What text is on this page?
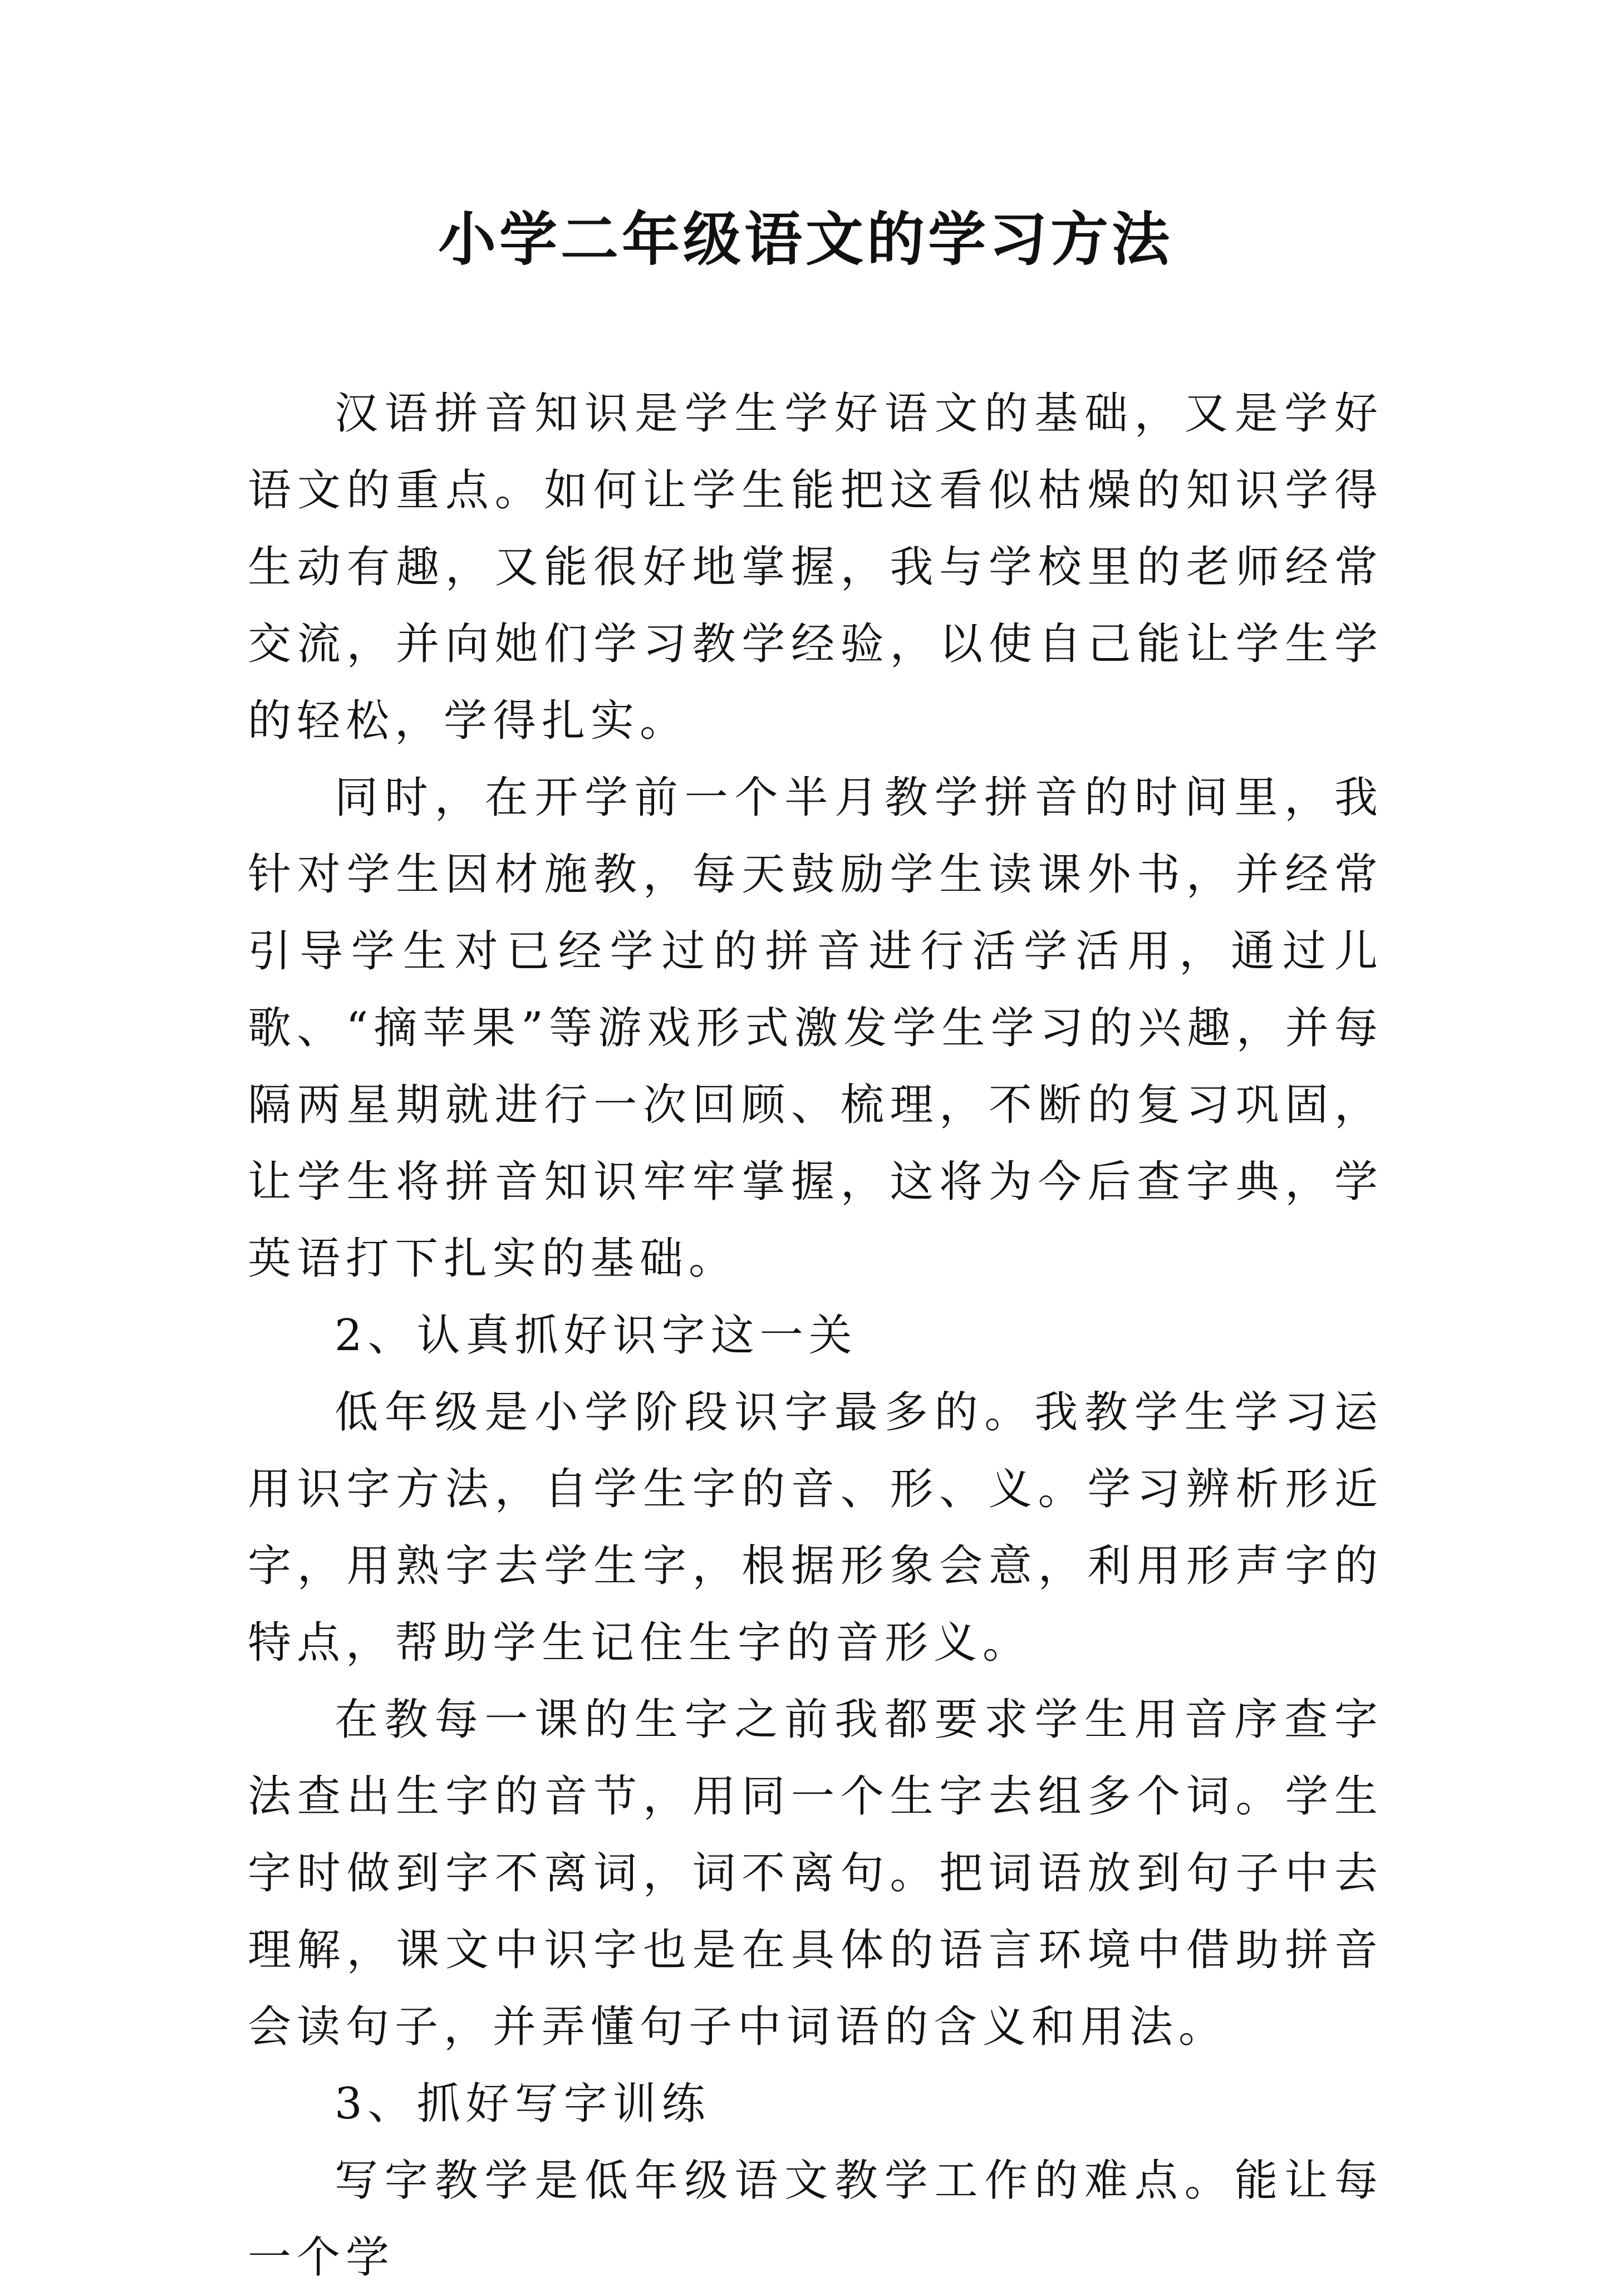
小学二年级语文的学习方法

汉语拼音知识是学生学好语文的基础，又是学好语文的重点。如何让学生能把这看似枯燥的知识学得生动有趣，又能很好地掌握，我与学校里的老师经常交流，并向她们学习教学经验，以使自己能让学生学的轻松，学得扎实。

同时，在开学前一个半月教学拼音的时间里，我针对学生因材施教，每天鼓励学生读课外书，并经常引导学生对已经学过的拼音进行活学活用，通过儿歌、“摘苹果”等游戏形式激发学生学习的兴趣，并每隔两星期就进行一次回顾、梳理，不断的复习巩固，让学生将拼音知识牢牢掌握，这将为今后查字典，学英语打下扎实的基础。

2、认真抓好识字这一关

低年级是小学阶段识字最多的。我教学生学习运用识字方法，自学生字的音、形、义。学习辨析形近字，用熟字去学生字，根据形象会意，利用形声字的特点，帮助学生记住生字的音形义。

在教每一课的生字之前我都要求学生用音序查字法查出生字的音节，用同一个生字去组多个词。学生字时做到字不离词，词不离句。把词语放到句子中去理解，课文中识字也是在具体的语言环境中借助拼音会读句子，并弄懂句子中词语的含义和用法。

3、抓好写字训练

写字教学是低年级语文教学工作的难点。能让每一个学
